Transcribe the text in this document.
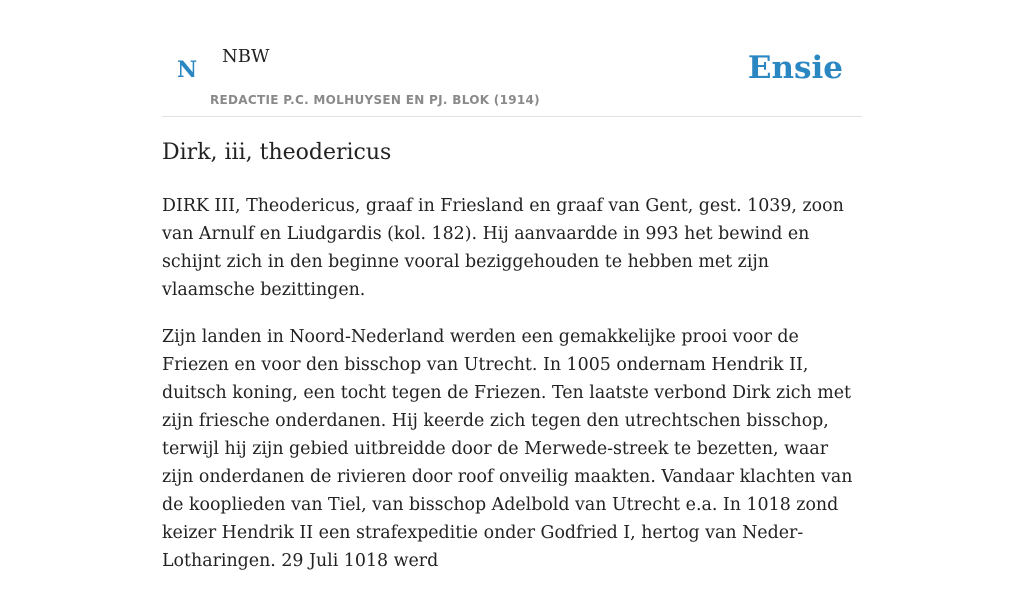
N
NBW
REDACTIE P.C. MOLHUYSEN EN PJ. BLOK (1914)
Ensie
Dirk, iii, theodericus

DIRK III, Theodericus, graaf in Friesland en graaf van Gent, gest. 1039, zoon van Arnulf en Liudgardis (kol. 182). Hij aanvaardde in 993 het bewind en schijnt zich in den beginne vooral beziggehouden te hebben met zijn vlaamsche bezittingen.

Zijn landen in Noord-Nederland werden een gemakkelijke prooi voor de Friezen en voor den bisschop van Utrecht. In 1005 ondernam Hendrik II, duitsch koning, een tocht tegen de Friezen. Ten laatste verbond Dirk zich met zijn friesche onderdanen. Hij keerde zich tegen den utrechtschen bisschop, terwijl hij zijn gebied uitbreidde door de Merwede-streek te bezetten, waar zijn onderdanen de rivieren door roof onveilig maakten. Vandaar klachten van de kooplieden van Tiel, van bisschop Adelbold van Utrecht e.a. In 1018 zond keizer Hendrik II een strafexpeditie onder Godfried I, hertog van Neder-Lotharingen. 29 Juli 1018 werd
